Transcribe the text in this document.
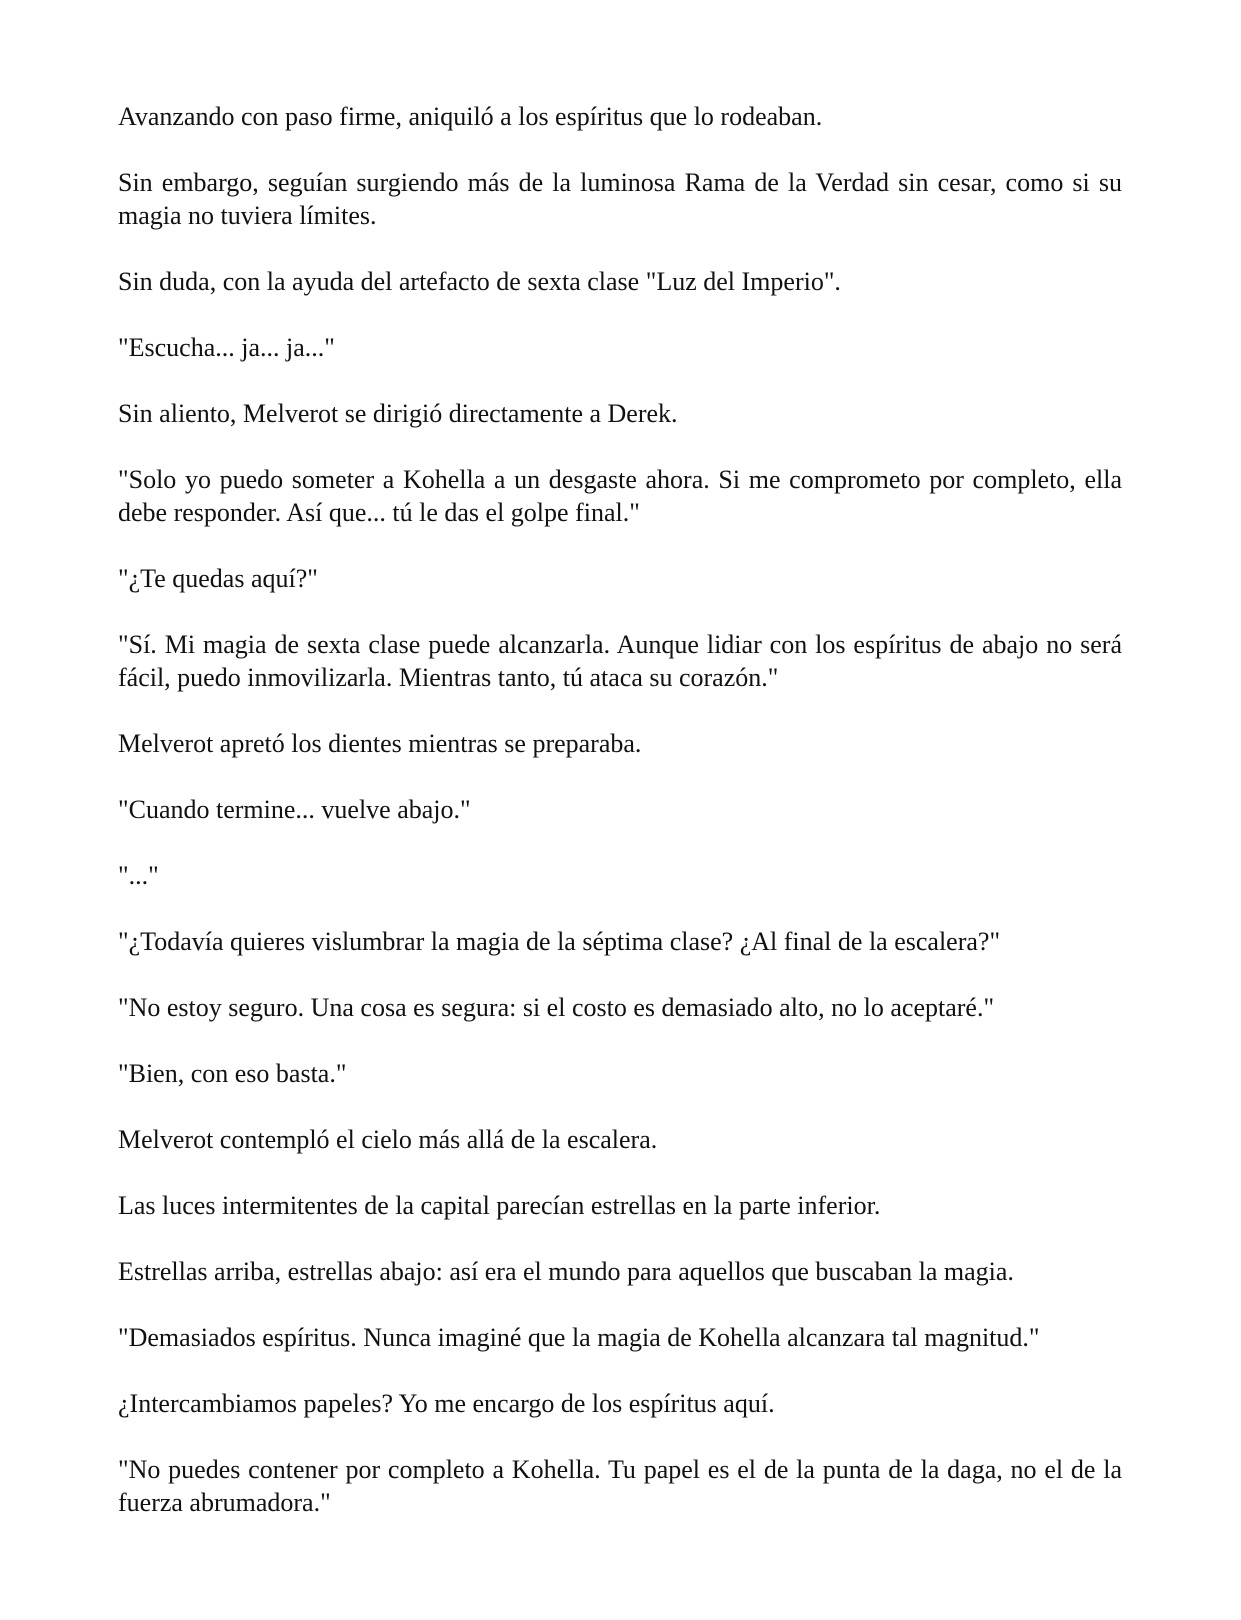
Avanzando con paso firme, aniquiló a los espíritus que lo rodeaban.

Sin embargo, seguían surgiendo más de la luminosa Rama de la Verdad sin cesar, como si su magia no tuviera límites.

Sin duda, con la ayuda del artefacto de sexta clase "Luz del Imperio".

"Escucha... ja... ja..."

Sin aliento, Melverot se dirigió directamente a Derek.

"Solo yo puedo someter a Kohella a un desgaste ahora. Si me comprometo por completo, ella debe responder. Así que... tú le das el golpe final."

"¿Te quedas aquí?"

"Sí. Mi magia de sexta clase puede alcanzarla. Aunque lidiar con los espíritus de abajo no será fácil, puedo inmovilizarla. Mientras tanto, tú ataca su corazón."

Melverot apretó los dientes mientras se preparaba.

"Cuando termine... vuelve abajo."

"..."

"¿Todavía quieres vislumbrar la magia de la séptima clase? ¿Al final de la escalera?"

"No estoy seguro. Una cosa es segura: si el costo es demasiado alto, no lo aceptaré."

"Bien, con eso basta."

Melverot contempló el cielo más allá de la escalera.

Las luces intermitentes de la capital parecían estrellas en la parte inferior.

Estrellas arriba, estrellas abajo: así era el mundo para aquellos que buscaban la magia.

"Demasiados espíritus. Nunca imaginé que la magia de Kohella alcanzara tal magnitud."

¿Intercambiamos papeles? Yo me encargo de los espíritus aquí.

"No puedes contener por completo a Kohella. Tu papel es el de la punta de la daga, no el de la fuerza abrumadora."
